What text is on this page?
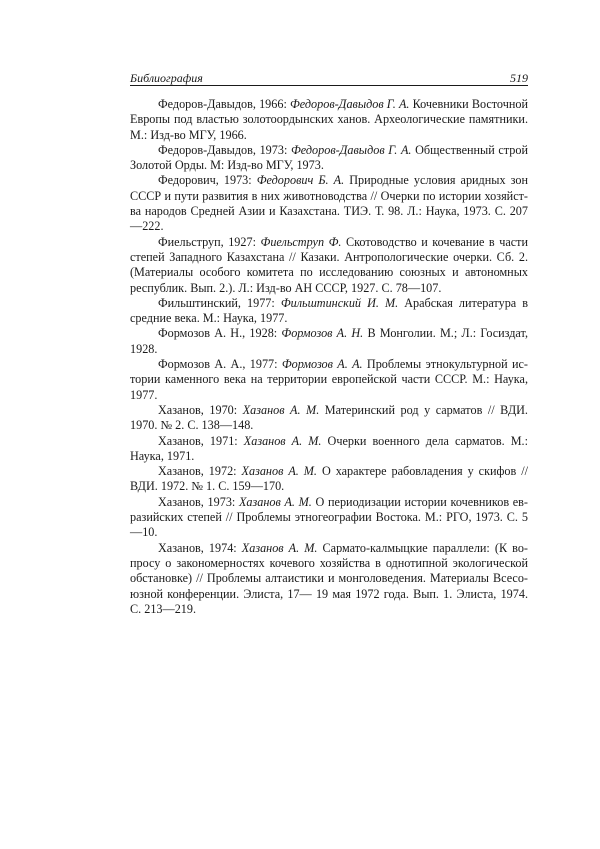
Библиография	519

Федоров-Давыдов, 1966: Федоров-Давыдов Г. А. Кочевники Восточной Европы под властью золотоордынских ханов. Археологические памятники. М.: Изд-во МГУ, 1966.

Федоров-Давыдов, 1973: Федоров-Давыдов Г. А. Общественный строй Золотой Орды. М: Изд-во МГУ, 1973.

Федорович, 1973: Федорович Б. А. Природные условия аридных зон СССР и пути развития в них животноводства // Очерки по истории хозяйст-ва народов Средней Азии и Казахстана. ТИЭ. Т. 98. Л.: Наука, 1973. С. 207—222.

Фиельструп, 1927: Фиельструп Ф. Скотоводство и кочевание в части степей Западного Казахстана // Казаки. Антропологические очерки. Сб. 2. (Материалы особого комитета по исследованию союзных и автономных республик. Вып. 2.). Л.: Изд-во АН СССР, 1927. С. 78—107.

Фильштинский, 1977: Фильштинский И. М. Арабская литература в средние века. М.: Наука, 1977.

Формозов А. Н., 1928: Формозов А. Н. В Монголии. М.; Л.: Госиздат, 1928.

Формозов А. А., 1977: Формозов А. А. Проблемы этнокультурной ис-тории каменного века на территории европейской части СССР. М.: Наука, 1977.

Хазанов, 1970: Хазанов А. М. Материнский род у сарматов // ВДИ. 1970. № 2. С. 138—148.

Хазанов, 1971: Хазанов А. М. Очерки военного дела сарматов. М.: Наука, 1971.

Хазанов, 1972: Хазанов А. М. О характере рабовладения у скифов // ВДИ. 1972. № 1. С. 159—170.

Хазанов, 1973: Хазанов А. М. О периодизации истории кочевников ев-разийских степей // Проблемы этногеографии Востока. М.: РГО, 1973. С. 5—10.

Хазанов, 1974: Хазанов А. М. Сармато-калмыцкие параллели: (К во-просу о закономерностях кочевого хозяйства в однотипной экологической обстановке) // Проблемы алтаистики и монголоведения. Материалы Всесо-юзной конференции. Элиста, 17— 19 мая 1972 года. Вып. 1. Элиста, 1974. С. 213—219.
